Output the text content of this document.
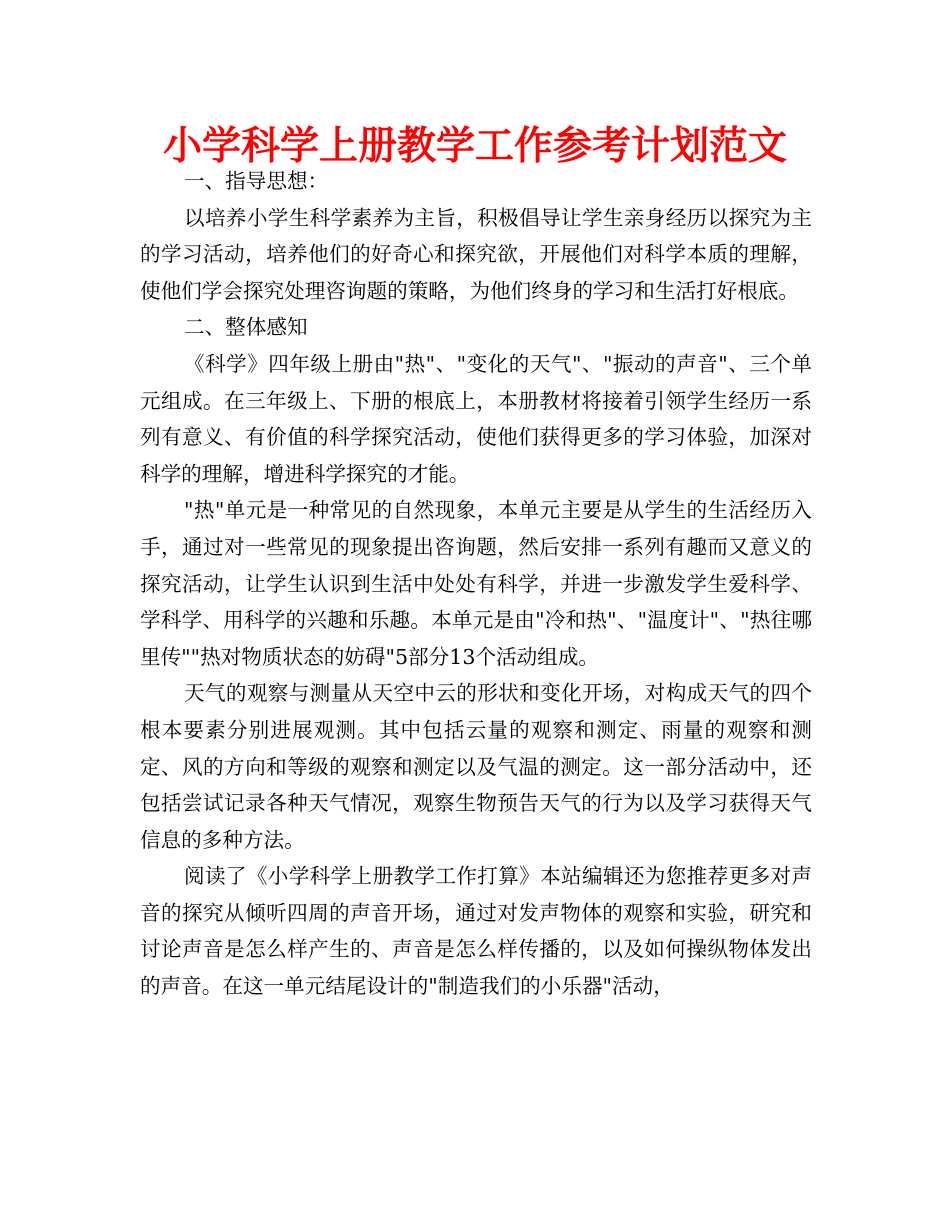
小学科学上册教学工作参考计划范文

一、指导思想：

以培养小学生科学素养为主旨，积极倡导让学生亲身经历以探究为主的学习活动，培养他们的好奇心和探究欲，开展他们对科学本质的理解，使他们学会探究处理咨询题的策略，为他们终身的学习和生活打好根底。

二、整体感知

《科学》四年级上册由"热"、"变化的天气"、"振动的声音"、三个单元组成。在三年级上、下册的根底上，本册教材将接着引领学生经历一系列有意义、有价值的科学探究活动，使他们获得更多的学习体验，加深对科学的理解，增进科学探究的才能。

"热"单元是一种常见的自然现象，本单元主要是从学生的生活经历入手，通过对一些常见的现象提出咨询题，然后安排一系列有趣而又意义的探究活动，让学生认识到生活中处处有科学，并进一步激发学生爱科学、学科学、用科学的兴趣和乐趣。本单元是由"冷和热"、"温度计"、"热往哪里传""热对物质状态的妨碍"5部分13个活动组成。

天气的观察与测量从天空中云的形状和变化开场，对构成天气的四个根本要素分别进展观测。其中包括云量的观察和测定、雨量的观察和测定、风的方向和等级的观察和测定以及气温的测定。这一部分活动中，还包括尝试记录各种天气情况，观察生物预告天气的行为以及学习获得天气信息的多种方法。

阅读了《小学科学上册教学工作打算》本站编辑还为您推荐更多对声音的探究从倾听四周的声音开场，通过对发声物体的观察和实验，研究和讨论声音是怎么样产生的、声音是怎么样传播的，以及如何操纵物体发出的声音。在这一单元结尾设计的"制造我们的小乐器"活动，
